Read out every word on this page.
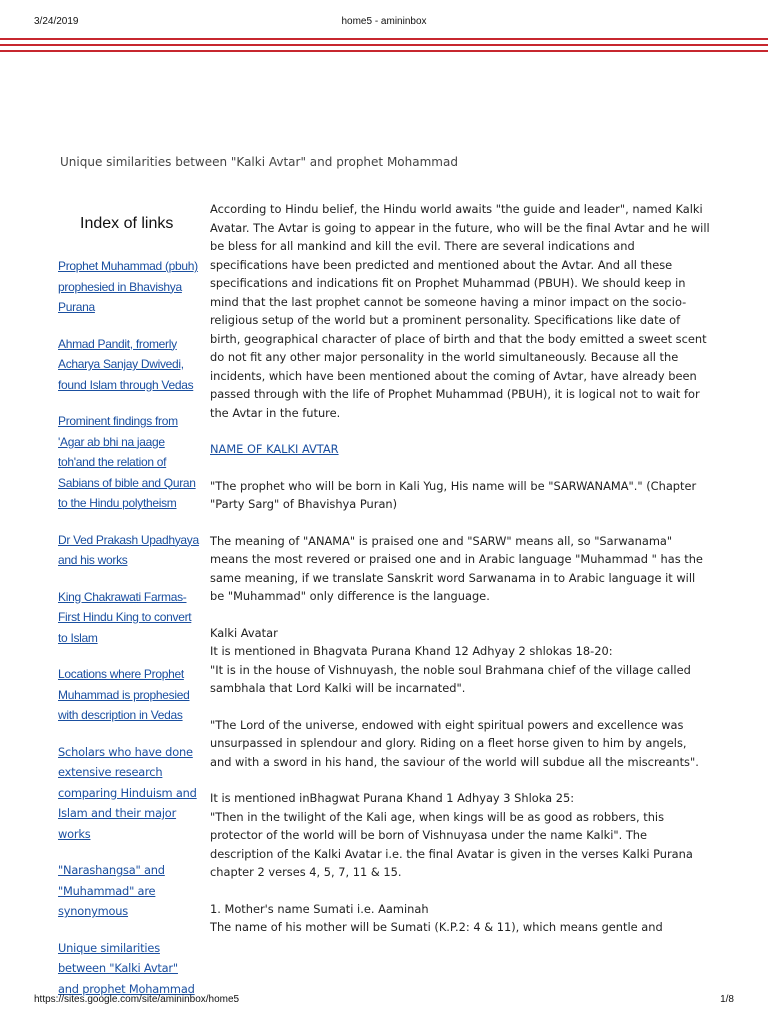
3/24/2019	home5 - amininbox
Unique similarities between "Kalki Avtar" and prophet Mohammad
Index of links
Prophet Muhammad (pbuh) prophesied in Bhavishya Purana
Ahmad Pandit, fromerly Acharya Sanjay Dwivedi, found Islam through Vedas
Prominent findings from 'Agar ab bhi na jaage toh'and the relation of Sabians of bible and Quran to the Hindu polytheism
Dr Ved Prakash Upadhyaya and his works
King Chakrawati Farmas- First Hindu King to convert to Islam
Locations where Prophet Muhammad is prophesied with description in Vedas
Scholars who have done extensive research comparing Hinduism and Islam and their major works
"Narashangsa" and "Muhammad" are synonymous
Unique similarities between "Kalki Avtar" and prophet Mohammad

According to Hindu belief, the Hindu world awaits "the guide and leader", named Kalki Avatar. The Avtar is going to appear in the future, who will be the final Avtar and he will be bless for all mankind and kill the evil. There are several indications and specifications have been predicted and mentioned about the Avtar. And all these specifications and indications fit on Prophet Muhammad (PBUH). We should keep in mind that the last prophet cannot be someone having a minor impact on the socio-religious setup of the world but a prominent personality. Specifications like date of birth, geographical character of place of birth and that the body emitted a sweet scent do not fit any other major personality in the world simultaneously. Because all the incidents, which have been mentioned about the coming of Avtar, have already been passed through with the life of Prophet Muhammad (PBUH), it is logical not to wait for the Avtar in the future.

NAME OF KALKI AVTAR

"The prophet who will be born in Kali Yug, His name will be "SARWANAMA"." (Chapter "Party Sarg" of Bhavishya Puran)

The meaning of "ANAMA" is praised one and "SARW" means all, so "Sarwanama" means the most revered or praised one and in Arabic language "Muhammad " has the same meaning, if we translate Sanskrit word Sarwanama in to Arabic language it will be "Muhammad" only difference is the language.

Kalki Avatar
It is mentioned in Bhagvata Purana Khand 12 Adhyay 2 shlokas 18-20:
"It is in the house of Vishnuyash, the noble soul Brahmana chief of the village called sambhala that Lord Kalki will be incarnated".

"The Lord of the universe, endowed with eight spiritual powers and excellence was unsurpassed in splendour and glory. Riding on a fleet horse given to him by angels, and with a sword in his hand, the saviour of the world will subdue all the miscreants".

It is mentioned inBhagwat Purana Khand 1 Adhyay 3 Shloka 25:
"Then in the twilight of the Kali age, when kings will be as good as robbers, this protector of the world will be born of Vishnuyasa under the name Kalki". The description of the Kalki Avatar i.e. the final Avatar is given in the verses Kalki Purana chapter 2 verses 4, 5, 7, 11 & 15.

1. Mother's name Sumati i.e. Aaminah
The name of his mother will be Sumati (K.P.2: 4 & 11), which means gentle and

https://sites.google.com/site/amininbox/home5	1/8
